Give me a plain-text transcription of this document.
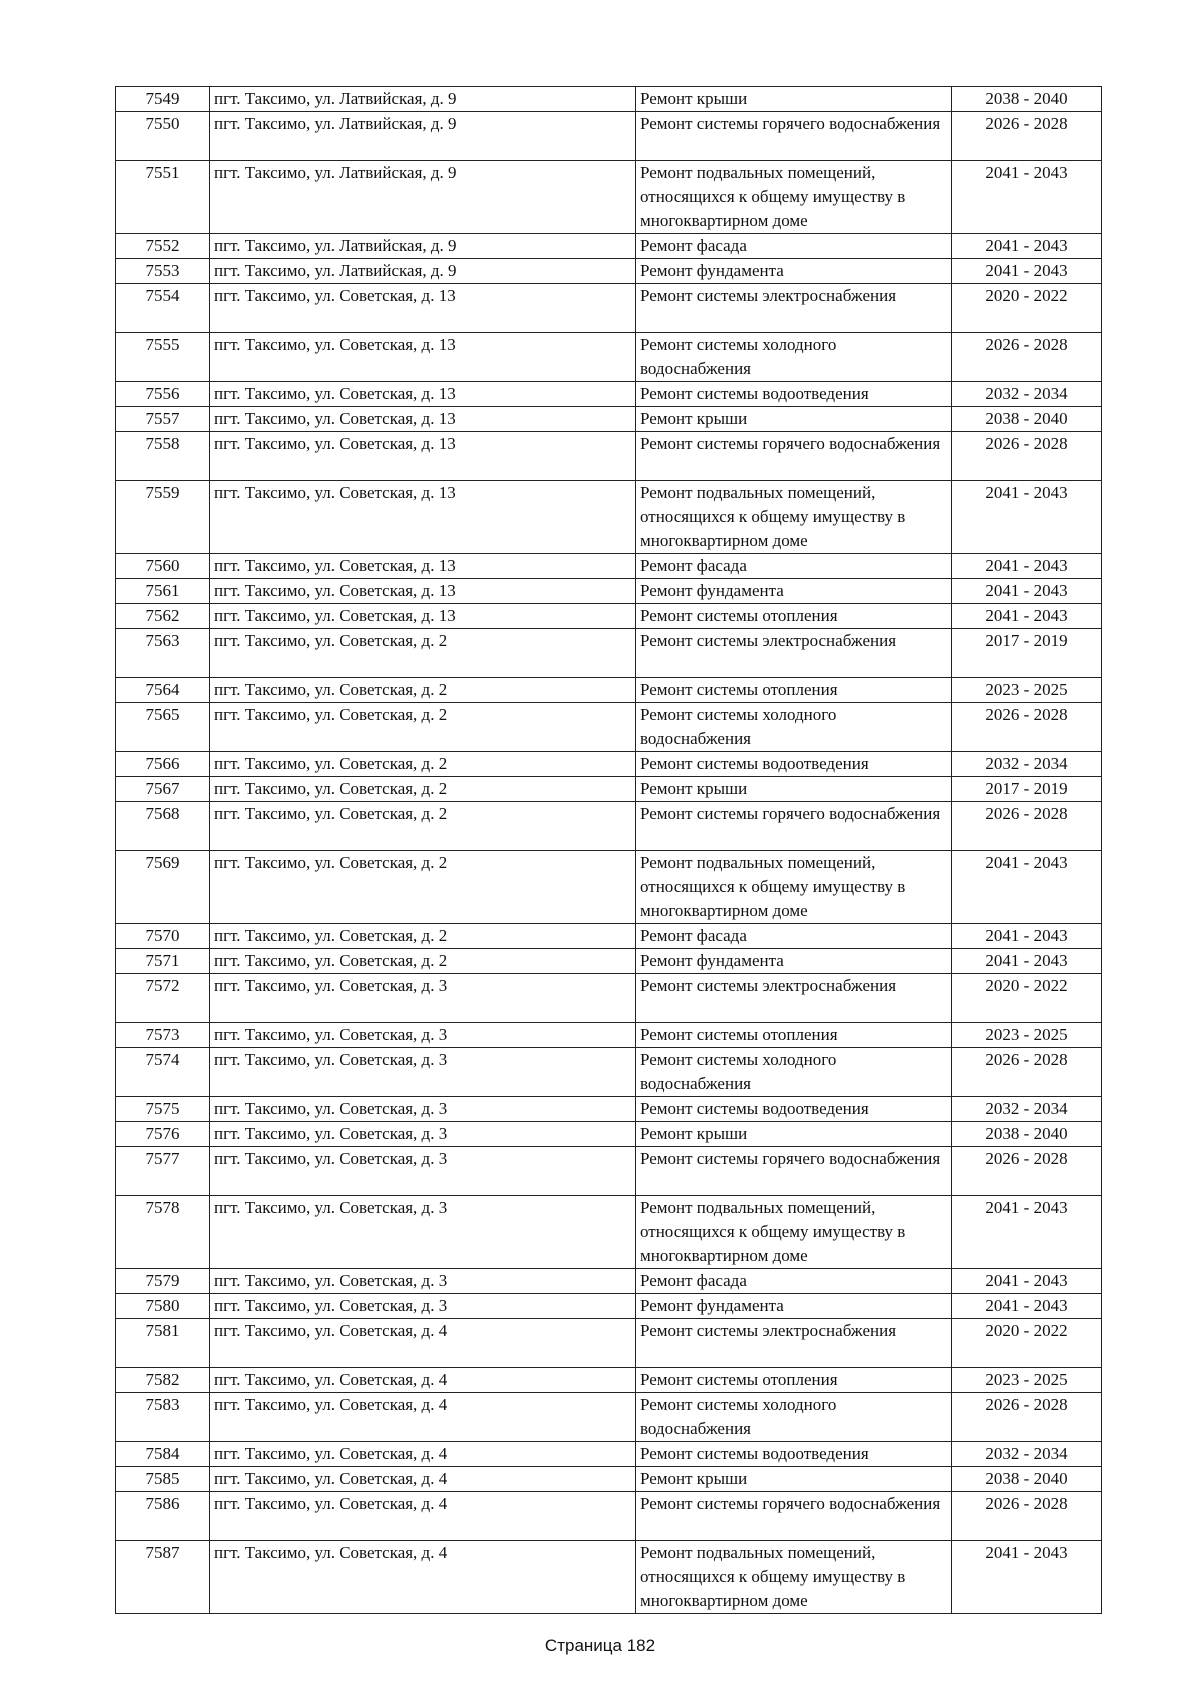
7549	пгт. Таксимо, ул. Латвийская, д. 9	Ремонт крыши	2038 - 2040
7550	пгт. Таксимо, ул. Латвийская, д. 9	Ремонт системы горячего водоснабжения	2026 - 2028
7551	пгт. Таксимо, ул. Латвийская, д. 9	Ремонт подвальных помещений, относящихся к общему имуществу в многоквартирном доме	2041 - 2043
7552	пгт. Таксимо, ул. Латвийская, д. 9	Ремонт фасада	2041 - 2043
7553	пгт. Таксимо, ул. Латвийская, д. 9	Ремонт фундамента	2041 - 2043
7554	пгт. Таксимо, ул. Советская, д. 13	Ремонт системы электроснабжения	2020 - 2022
7555	пгт. Таксимо, ул. Советская, д. 13	Ремонт системы холодного водоснабжения	2026 - 2028
7556	пгт. Таксимо, ул. Советская, д. 13	Ремонт системы водоотведения	2032 - 2034
7557	пгт. Таксимо, ул. Советская, д. 13	Ремонт крыши	2038 - 2040
7558	пгт. Таксимо, ул. Советская, д. 13	Ремонт системы горячего водоснабжения	2026 - 2028
7559	пгт. Таксимо, ул. Советская, д. 13	Ремонт подвальных помещений, относящихся к общему имуществу в многоквартирном доме	2041 - 2043
7560	пгт. Таксимо, ул. Советская, д. 13	Ремонт фасада	2041 - 2043
7561	пгт. Таксимо, ул. Советская, д. 13	Ремонт фундамента	2041 - 2043
7562	пгт. Таксимо, ул. Советская, д. 13	Ремонт системы отопления	2041 - 2043
7563	пгт. Таксимо, ул. Советская, д. 2	Ремонт системы электроснабжения	2017 - 2019
7564	пгт. Таксимо, ул. Советская, д. 2	Ремонт системы отопления	2023 - 2025
7565	пгт. Таксимо, ул. Советская, д. 2	Ремонт системы холодного водоснабжения	2026 - 2028
7566	пгт. Таксимо, ул. Советская, д. 2	Ремонт системы водоотведения	2032 - 2034
7567	пгт. Таксимо, ул. Советская, д. 2	Ремонт крыши	2017 - 2019
7568	пгт. Таксимо, ул. Советская, д. 2	Ремонт системы горячего водоснабжения	2026 - 2028
7569	пгт. Таксимо, ул. Советская, д. 2	Ремонт подвальных помещений, относящихся к общему имуществу в многоквартирном доме	2041 - 2043
7570	пгт. Таксимо, ул. Советская, д. 2	Ремонт фасада	2041 - 2043
7571	пгт. Таксимо, ул. Советская, д. 2	Ремонт фундамента	2041 - 2043
7572	пгт. Таксимо, ул. Советская, д. 3	Ремонт системы электроснабжения	2020 - 2022
7573	пгт. Таксимо, ул. Советская, д. 3	Ремонт системы отопления	2023 - 2025
7574	пгт. Таксимо, ул. Советская, д. 3	Ремонт системы холодного водоснабжения	2026 - 2028
7575	пгт. Таксимо, ул. Советская, д. 3	Ремонт системы водоотведения	2032 - 2034
7576	пгт. Таксимо, ул. Советская, д. 3	Ремонт крыши	2038 - 2040
7577	пгт. Таксимо, ул. Советская, д. 3	Ремонт системы горячего водоснабжения	2026 - 2028
7578	пгт. Таксимо, ул. Советская, д. 3	Ремонт подвальных помещений, относящихся к общему имуществу в многоквартирном доме	2041 - 2043
7579	пгт. Таксимо, ул. Советская, д. 3	Ремонт фасада	2041 - 2043
7580	пгт. Таксимо, ул. Советская, д. 3	Ремонт фундамента	2041 - 2043
7581	пгт. Таксимо, ул. Советская, д. 4	Ремонт системы электроснабжения	2020 - 2022
7582	пгт. Таксимо, ул. Советская, д. 4	Ремонт системы отопления	2023 - 2025
7583	пгт. Таксимо, ул. Советская, д. 4	Ремонт системы холодного водоснабжения	2026 - 2028
7584	пгт. Таксимо, ул. Советская, д. 4	Ремонт системы водоотведения	2032 - 2034
7585	пгт. Таксимо, ул. Советская, д. 4	Ремонт крыши	2038 - 2040
7586	пгт. Таксимо, ул. Советская, д. 4	Ремонт системы горячего водоснабжения	2026 - 2028
7587	пгт. Таксимо, ул. Советская, д. 4	Ремонт подвальных помещений, относящихся к общему имуществу в многоквартирном доме	2041 - 2043
Страница 182
